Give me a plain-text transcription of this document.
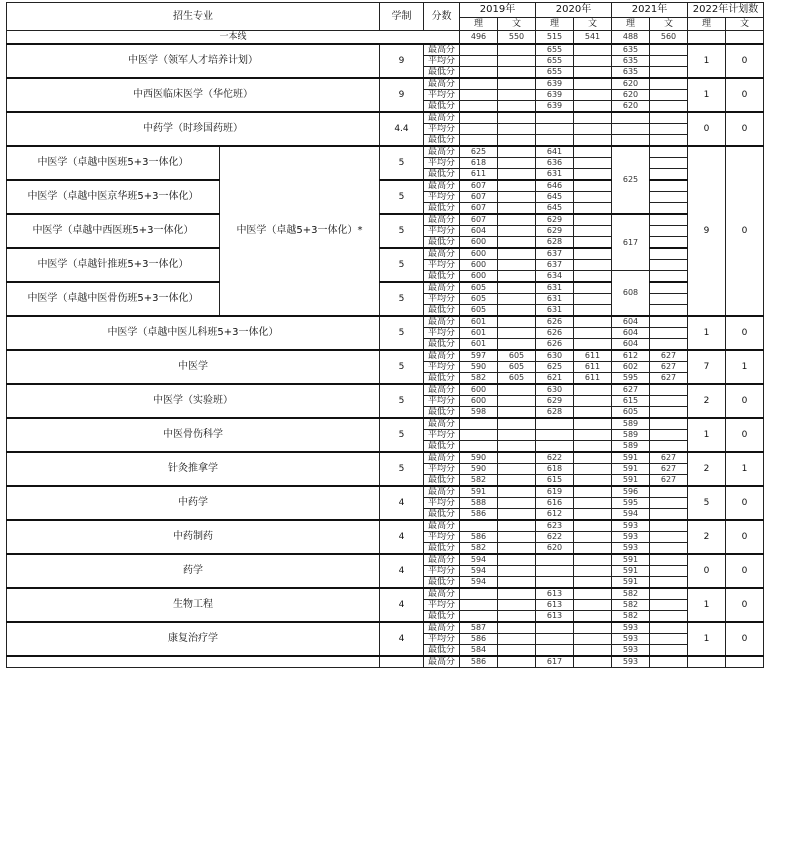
招生专业		学制	分数	2019年		2020年		2021年		2022年计划数	
				理	文	理	文	理	文	理	文
一本线				496	550	515	541	488	560		
中医学（领军人才培养计划）		9	最高分			655		635		1	0
			平均分			655		635			
			最低分			655		635			
中西医临床医学（华佗班）		9	最高分			639		620		1	0
			平均分			639		620			
			最低分			639		620			
中药学（时珍国药班）		4.4	最高分							0	0
			平均分								
			最低分								
中医学（卓越中医班5+3一体化）	中医学（卓越5+3一体化）*	5	最高分	625		641		625		9	0
			平均分	618		636					
			最低分	611		631					
中医学（卓越中医京华班5+3一体化）		5	最高分	607		646					
			平均分	607		645					
			最低分	607		645					
中医学（卓越中西医班5+3一体化）		5	最高分	607		629		617			
			平均分	604		629					
			最低分	600		628					
中医学（卓越针推班5+3一体化）		5	最高分	600		637					
			平均分	600		637					
			最低分	600		634		608			
中医学（卓越中医骨伤班5+3一体化）		5	最高分	605		631					
			平均分	605		631					
			最低分	605		631					
中医学（卓越中医儿科班5+3一体化）		5	最高分	601		626		604		1	0
			平均分	601		626		604			
			最低分	601		626		604			
中医学		5	最高分	597	605	630	611	612	627	7	1
			平均分	590	605	625	611	602	627		
			最低分	582	605	621	611	595	627		
中医学（实验班）		5	最高分	600		630		627		2	0
			平均分	600		629		615			
			最低分	598		628		605			
中医骨伤科学		5	最高分					589		1	0
			平均分					589			
			最低分					589			
针灸推拿学		5	最高分	590		622		591	627	2	1
			平均分	590		618		591	627		
			最低分	582		615		591	627		
中药学		4	最高分	591		619		596		5	0
			平均分	588		616		595			
			最低分	586		612		594			
中药制药		4	最高分			623		593		2	0
			平均分	586		622		593			
			最低分	582		620		593			
药学		4	最高分	594				591		0	0
			平均分	594				591			
			最低分	594				591			
生物工程		4	最高分			613		582		1	0
			平均分			613		582			
			最低分			613		582			
康复治疗学		4	最高分	587				593		1	0
			平均分	586				593			
			最低分	584				593			
			最高分	586		617		593			
